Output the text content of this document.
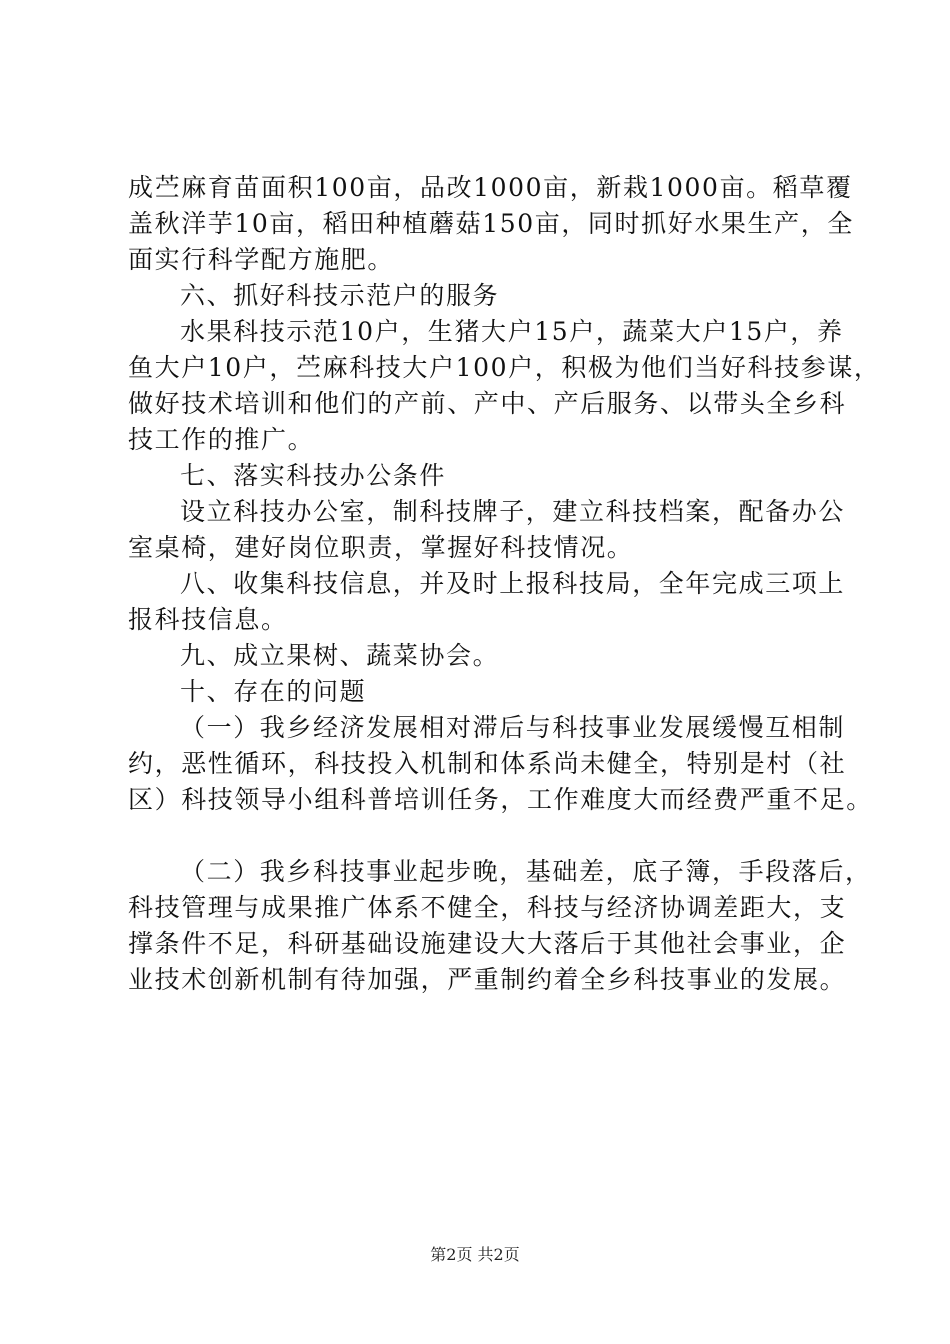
成苎麻育苗面积100亩，品改1000亩，新栽1000亩。稻草覆
盖秋洋芋10亩，稻田种植蘑菇150亩，同时抓好水果生产，全
面实行科学配方施肥。
六、抓好科技示范户的服务
水果科技示范10户，生猪大户15户，蔬菜大户15户，养
鱼大户10户，苎麻科技大户100户，积极为他们当好科技参谋，
做好技术培训和他们的产前、产中、产后服务、以带头全乡科
技工作的推广。
七、落实科技办公条件
设立科技办公室，制科技牌子，建立科技档案，配备办公
室桌椅，建好岗位职责，掌握好科技情况。
八、收集科技信息，并及时上报科技局，全年完成三项上
报科技信息。
九、成立果树、蔬菜协会。
十、存在的问题
（一）我乡经济发展相对滞后与科技事业发展缓慢互相制
约，恶性循环，科技投入机制和体系尚未健全，特别是村（社
区）科技领导小组科普培训任务，工作难度大而经费严重不足。
（二）我乡科技事业起步晚，基础差，底子簿，手段落后，
科技管理与成果推广体系不健全，科技与经济协调差距大，支
撑条件不足，科研基础设施建设大大落后于其他社会事业，企
业技术创新机制有待加强，严重制约着全乡科技事业的发展。
第2页 共2页
